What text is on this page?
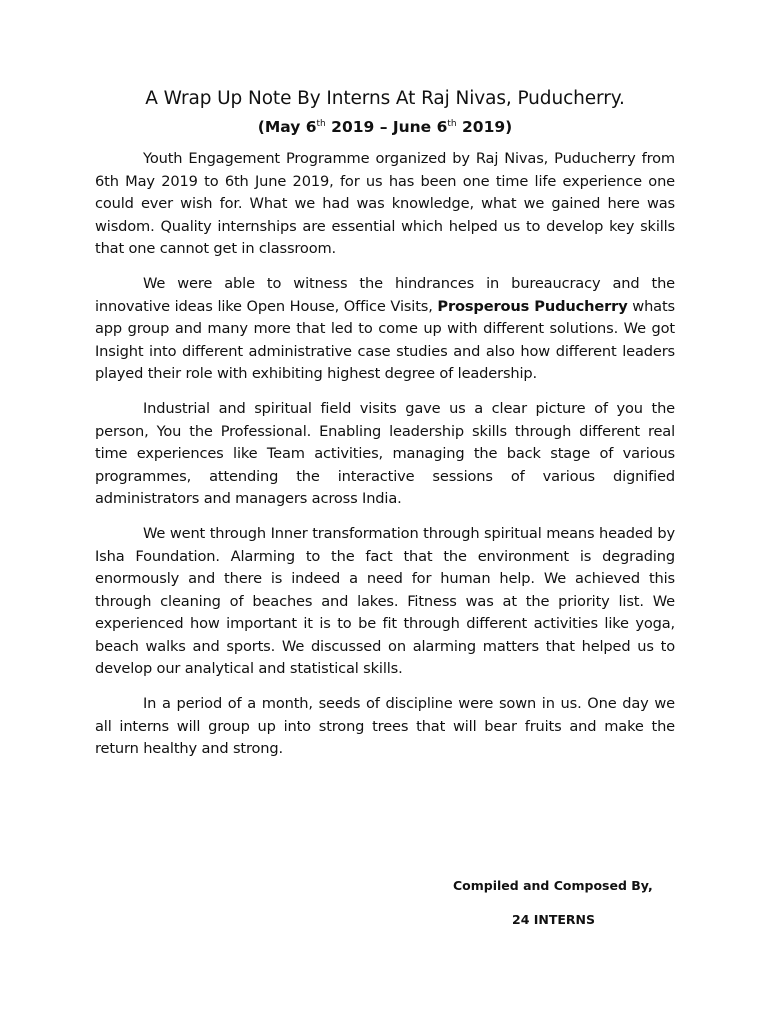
A Wrap Up Note By Interns At Raj Nivas, Puducherry.
(May 6th 2019 – June 6th 2019)

Youth Engagement Programme organized by Raj Nivas, Puducherry from 6th May 2019 to 6th June 2019, for us has been one time life experience one could ever wish for. What we had was knowledge, what we gained here was wisdom. Quality internships are essential which helped us to develop key skills that one cannot get in classroom.

We were able to witness the hindrances in bureaucracy and the innovative ideas like Open House, Office Visits, Prosperous Puducherry whats app group and many more that led to come up with different solutions. We got Insight into different administrative case studies and also how different leaders played their role with exhibiting highest degree of leadership.

Industrial and spiritual field visits gave us a clear picture of you the person, You the Professional. Enabling leadership skills through different real time experiences like Team activities, managing the back stage of various programmes, attending the interactive sessions of various dignified administrators and managers across India.

We went through Inner transformation through spiritual means headed by Isha Foundation. Alarming to the fact that the environment is degrading enormously and there is indeed a need for human help. We achieved this through cleaning of beaches and lakes. Fitness was at the priority list. We experienced how important it is to be fit through different activities like yoga, beach walks and sports. We discussed on alarming matters that helped us to develop our analytical and statistical skills.

In a period of a month, seeds of discipline were sown in us. One day we all interns will group up into strong trees that will bear fruits and make the return healthy and strong.

Compiled and Composed By,
24 INTERNS
